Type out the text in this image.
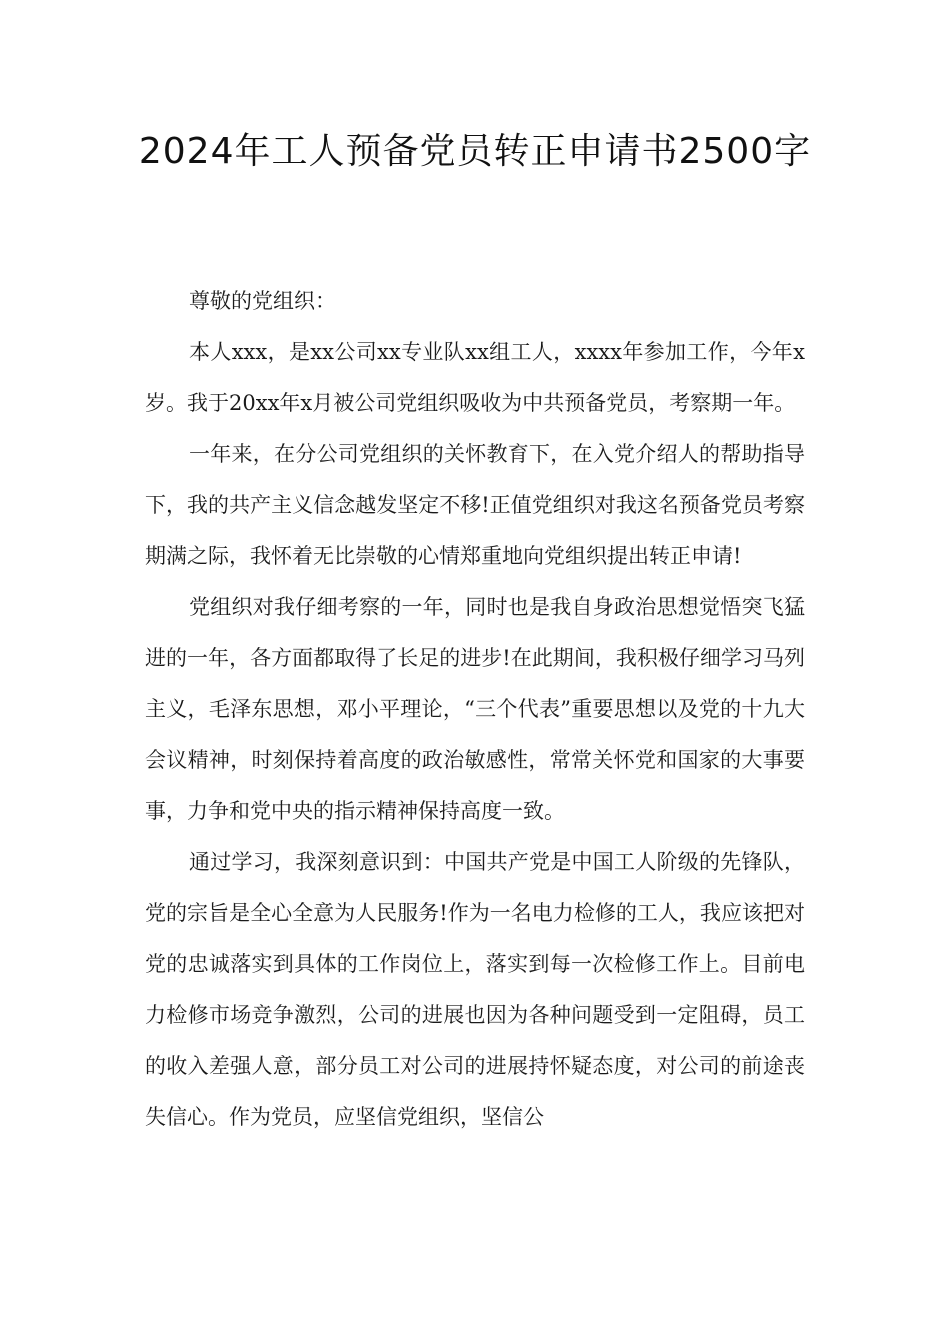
2024年工人预备党员转正申请书2500字

尊敬的党组织：

本人xxx，是xx公司xx专业队xx组工人，xxxx年参加工作，今年x岁。我于20xx年x月被公司党组织吸收为中共预备党员，考察期一年。

一年来，在分公司党组织的关怀教育下，在入党介绍人的帮助指导下，我的共产主义信念越发坚定不移!正值党组织对我这名预备党员考察期满之际，我怀着无比崇敬的心情郑重地向党组织提出转正申请!

党组织对我仔细考察的一年，同时也是我自身政治思想觉悟突飞猛进的一年，各方面都取得了长足的进步!在此期间，我积极仔细学习马列主义，毛泽东思想，邓小平理论，“三个代表”重要思想以及党的十九大会议精神，时刻保持着高度的政治敏感性，常常关怀党和国家的大事要事，力争和党中央的指示精神保持高度一致。

通过学习，我深刻意识到：中国共产党是中国工人阶级的先锋队，党的宗旨是全心全意为人民服务!作为一名电力检修的工人，我应该把对党的忠诚落实到具体的工作岗位上，落实到每一次检修工作上。目前电力检修市场竞争激烈，公司的进展也因为各种问题受到一定阻碍，员工的收入差强人意，部分员工对公司的进展持怀疑态度，对公司的前途丧失信心。作为党员，应坚信党组织，坚信公
